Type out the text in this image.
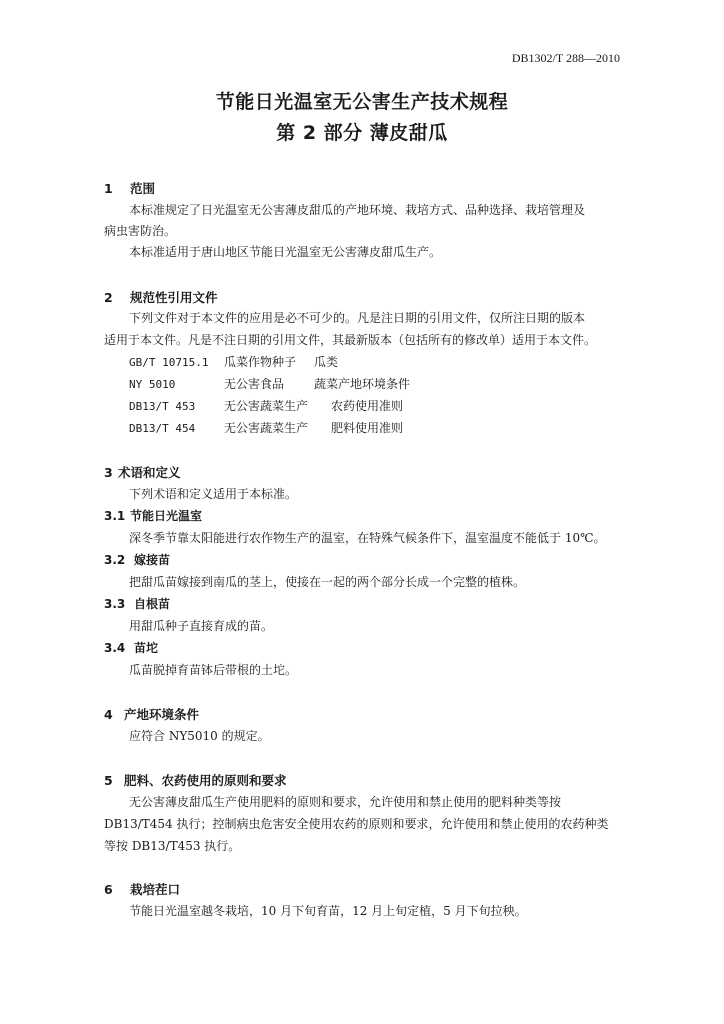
DB1302/T 288—2010
节能日光温室无公害生产技术规程
第 2 部分 薄皮甜瓜
1 范围
本标准规定了日光温室无公害薄皮甜瓜的产地环境、栽培方式、品种选择、栽培管理及
病虫害防治。
本标准适用于唐山地区节能日光温室无公害薄皮甜瓜生产。
2 规范性引用文件
下列文件对于本文件的应用是必不可少的。凡是注日期的引用文件，仅所注日期的版本
适用于本文件。凡是不注日期的引用文件，其最新版本（包括所有的修改单）适用于本文件。
GB/T 10715.1 瓜菜作物种子 瓜类
NY 5010	无公害食品 蔬菜产地环境条件
DB13/T 453 无公害蔬菜生产 农药使用准则
DB13/T 454 无公害蔬菜生产 肥料使用准则
3 术语和定义
下列术语和定义适用于本标准。
3.1 节能日光温室
深冬季节靠太阳能进行农作物生产的温室，在特殊气候条件下，温室温度不能低于 10℃。
3.2 嫁接苗
把甜瓜苗嫁接到南瓜的茎上，使接在一起的两个部分长成一个完整的植株。
3.3 自根苗
用甜瓜种子直接育成的苗。
3.4 苗坨
瓜苗脱掉育苗钵后带根的土坨。
4 产地环境条件
应符合 NY5010 的规定。
5 肥料、农药使用的原则和要求
无公害薄皮甜瓜生产使用肥料的原则和要求，允许使用和禁止使用的肥料种类等按
DB13/T454 执行；控制病虫危害安全使用农药的原则和要求，允许使用和禁止使用的农药种类
等按 DB13/T453 执行。
6 栽培茬口
节能日光温室越冬栽培，10 月下旬育苗，12 月上旬定植，5 月下旬拉秧。
